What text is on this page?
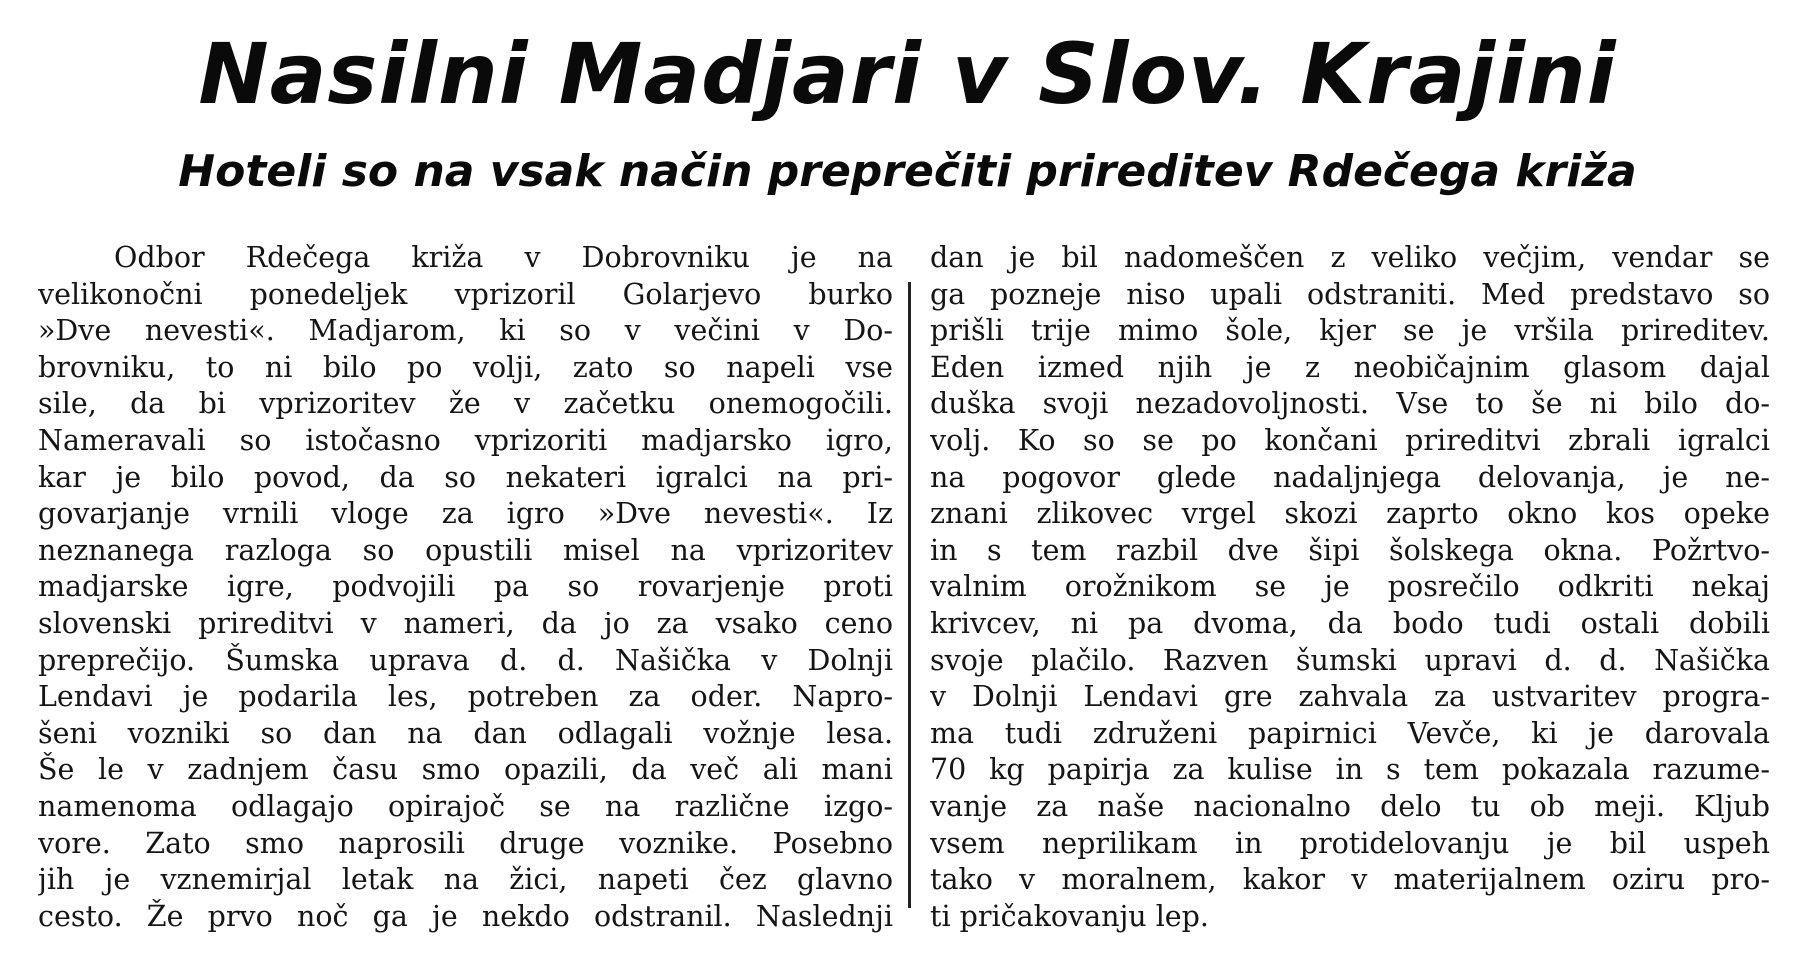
Nasilni Madjari v Slov. Krajini
Hoteli so na vsak način preprečiti prireditev Rdečega križa
Odbor Rdečega križa v Dobrovniku je na
velikonočni ponedeljek vprizoril Golarjevo burko
»Dve nevesti«. Madjarom, ki so v večini v Do-
brovniku, to ni bilo po volji, zato so napeli vse
sile, da bi vprizoritev že v začetku onemogočili.
Nameravali so istočasno vprizoriti madjarsko igro,
kar je bilo povod, da so nekateri igralci na pri-
govarjanje vrnili vloge za igro »Dve nevesti«. Iz
neznanega razloga so opustili misel na vprizoritev
madjarske igre, podvojili pa so rovarjenje proti
slovenski prireditvi v nameri, da jo za vsako ceno
preprečijo. Šumska uprava d. d. Našička v Dolnji
Lendavi je podarila les, potreben za oder. Napro-
šeni vozniki so dan na dan odlagali vožnje lesa.
Še le v zadnjem času smo opazili, da več ali mani
namenoma odlagajo opirajoč se na različne izgo-
vore. Zato smo naprosili druge voznike. Posebno
jih je vznemirjal letak na žici, napeti čez glavno
cesto. Že prvo noč ga je nekdo odstranil. Naslednji
dan je bil nadomeščen z veliko večjim, vendar se
ga pozneje niso upali odstraniti. Med predstavo so
prišli trije mimo šole, kjer se je vršila prireditev.
Eden izmed njih je z neobičajnim glasom dajal
duška svoji nezadovoljnosti. Vse to še ni bilo do-
volj. Ko so se po končani prireditvi zbrali igralci
na pogovor glede nadaljnjega delovanja, je ne-
znani zlikovec vrgel skozi zaprto okno kos opeke
in s tem razbil dve šipi šolskega okna. Požrtvo-
valnim orožnikom se je posrečilo odkriti nekaj
krivcev, ni pa dvoma, da bodo tudi ostali dobili
svoje plačilo. Razven šumski upravi d. d. Našička
v Dolnji Lendavi gre zahvala za ustvaritev progra-
ma tudi združeni papirnici Vevče, ki je darovala
70 kg papirja za kulise in s tem pokazala razume-
vanje za naše nacionalno delo tu ob meji. Kljub
vsem neprilikam in protidelovanju je bil uspeh
tako v moralnem, kakor v materijalnem oziru pro-
ti pričakovanju lep.
